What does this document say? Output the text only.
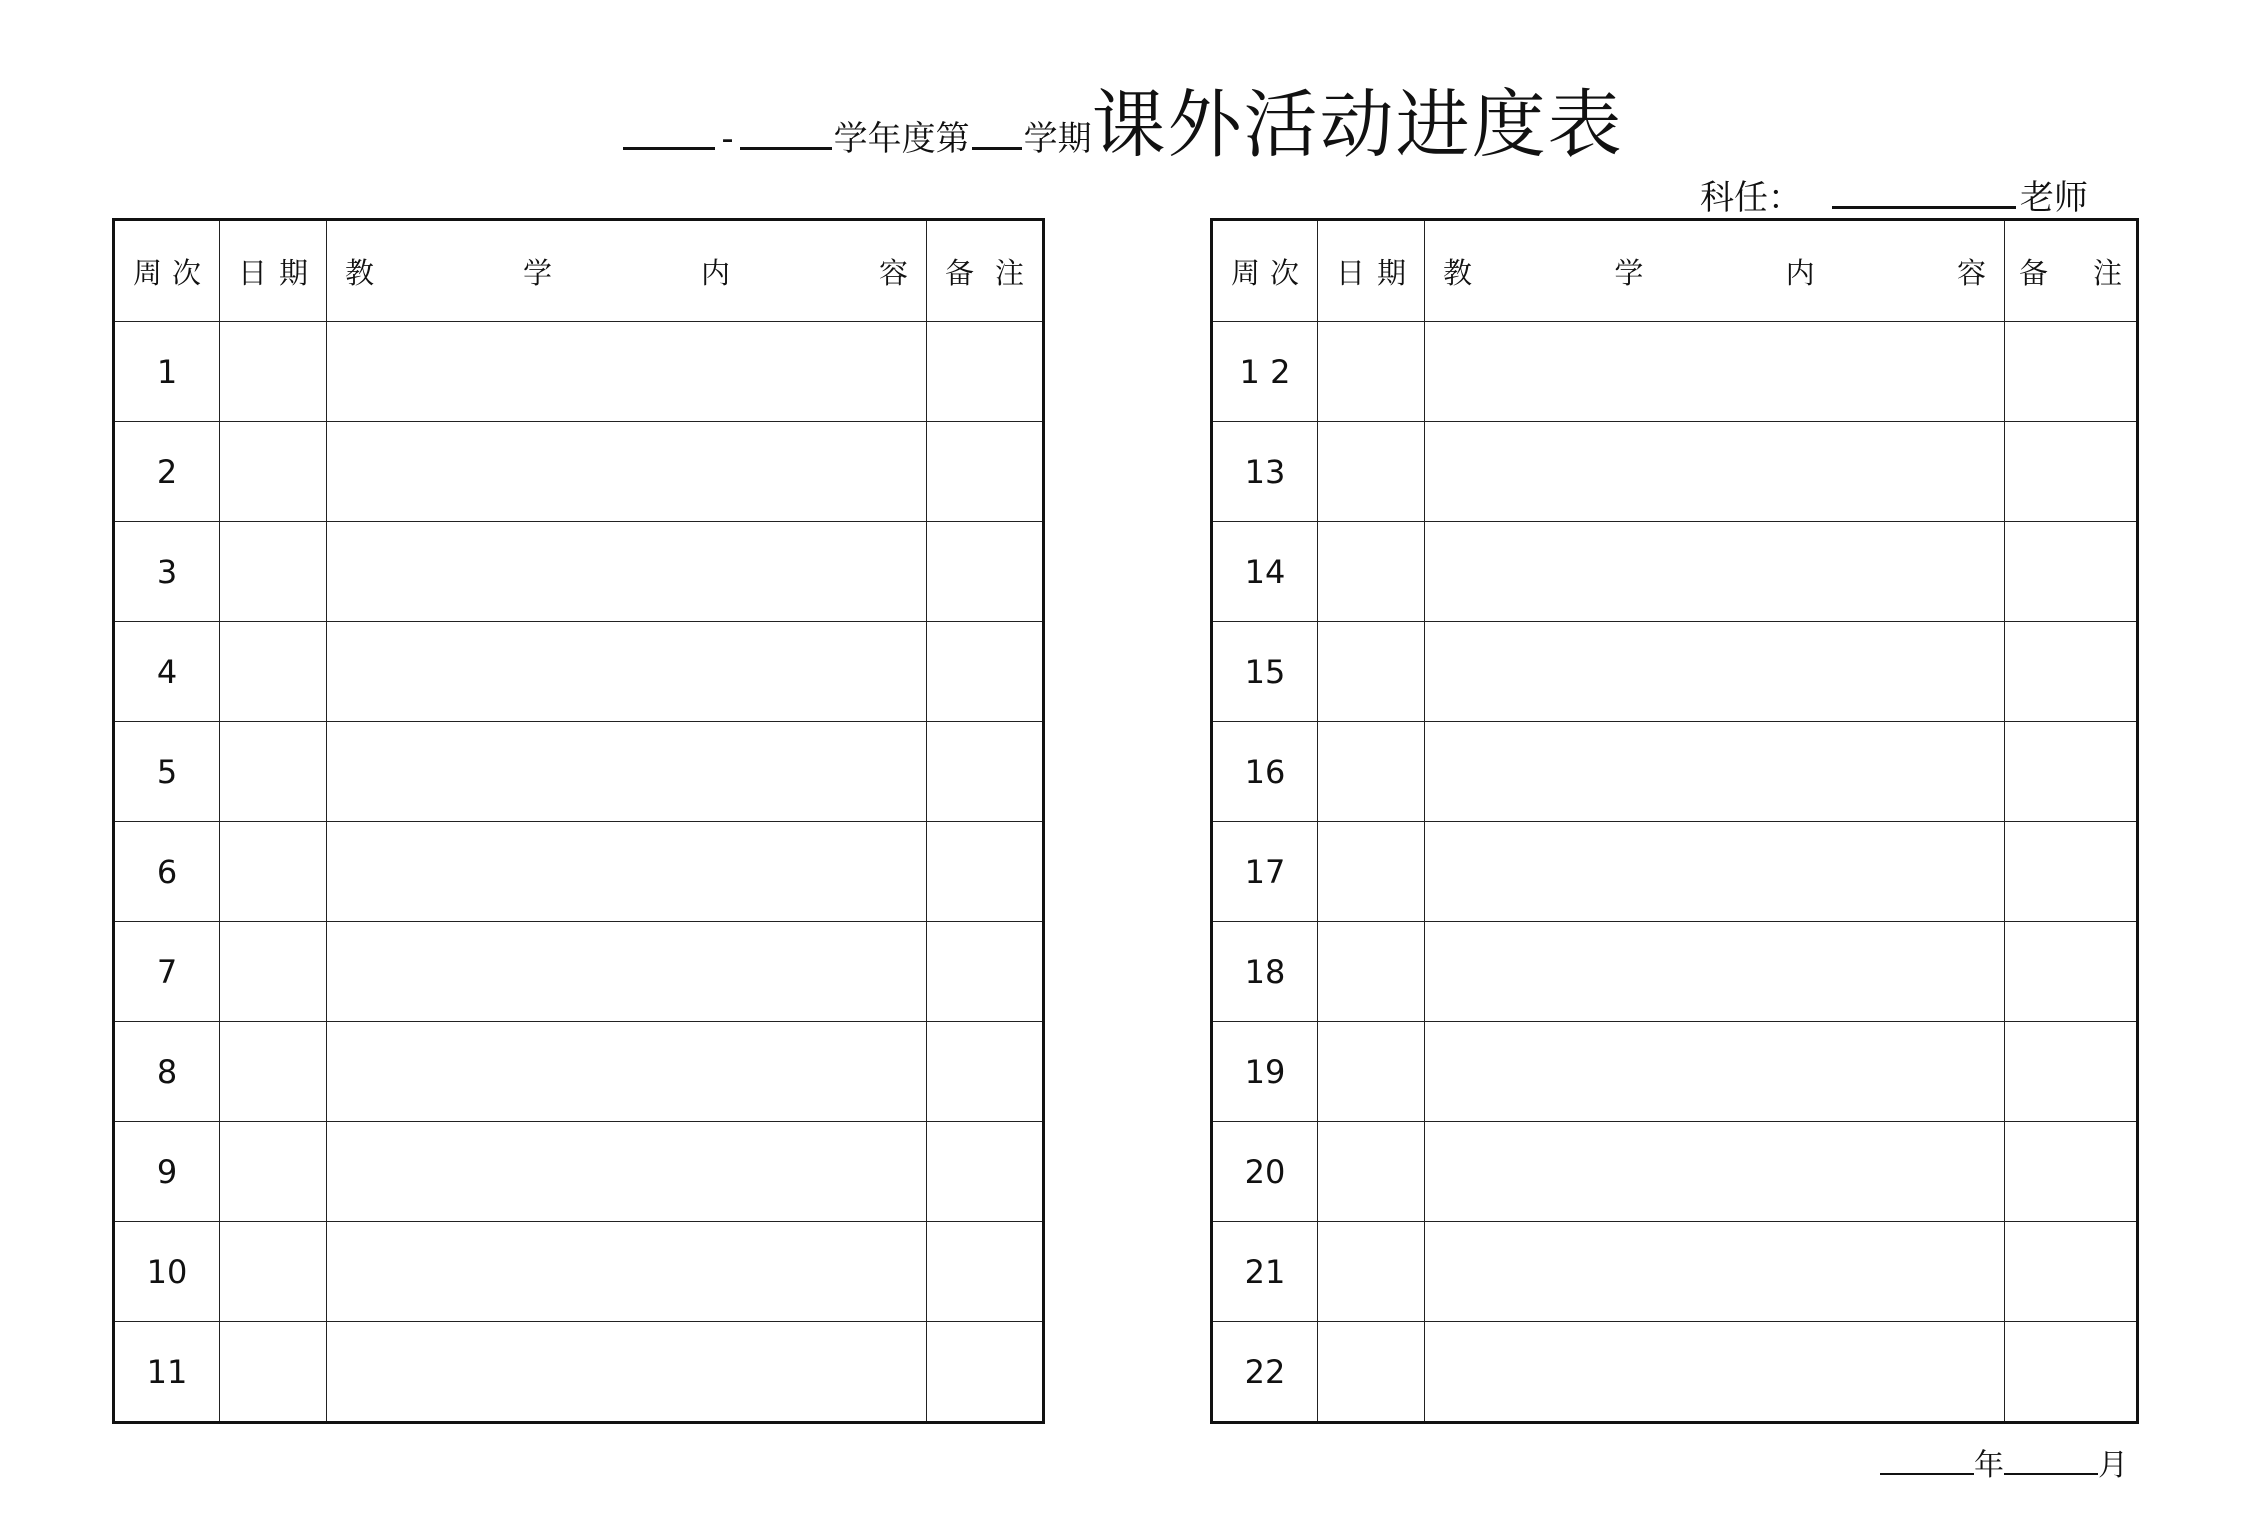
-	学年度第 学期课外活动进度表
科任：	老师
周 次	日 期	教 学 内 容	备 注

1			
2			
3			
4			
5			
6			
7			
8			
9			
10			
11			
周 次	日 期	教 学 内 容	备 注

1 2			
13			
14			
15			
16			
17			
18			
19			
20			
21			
22			
年	月
